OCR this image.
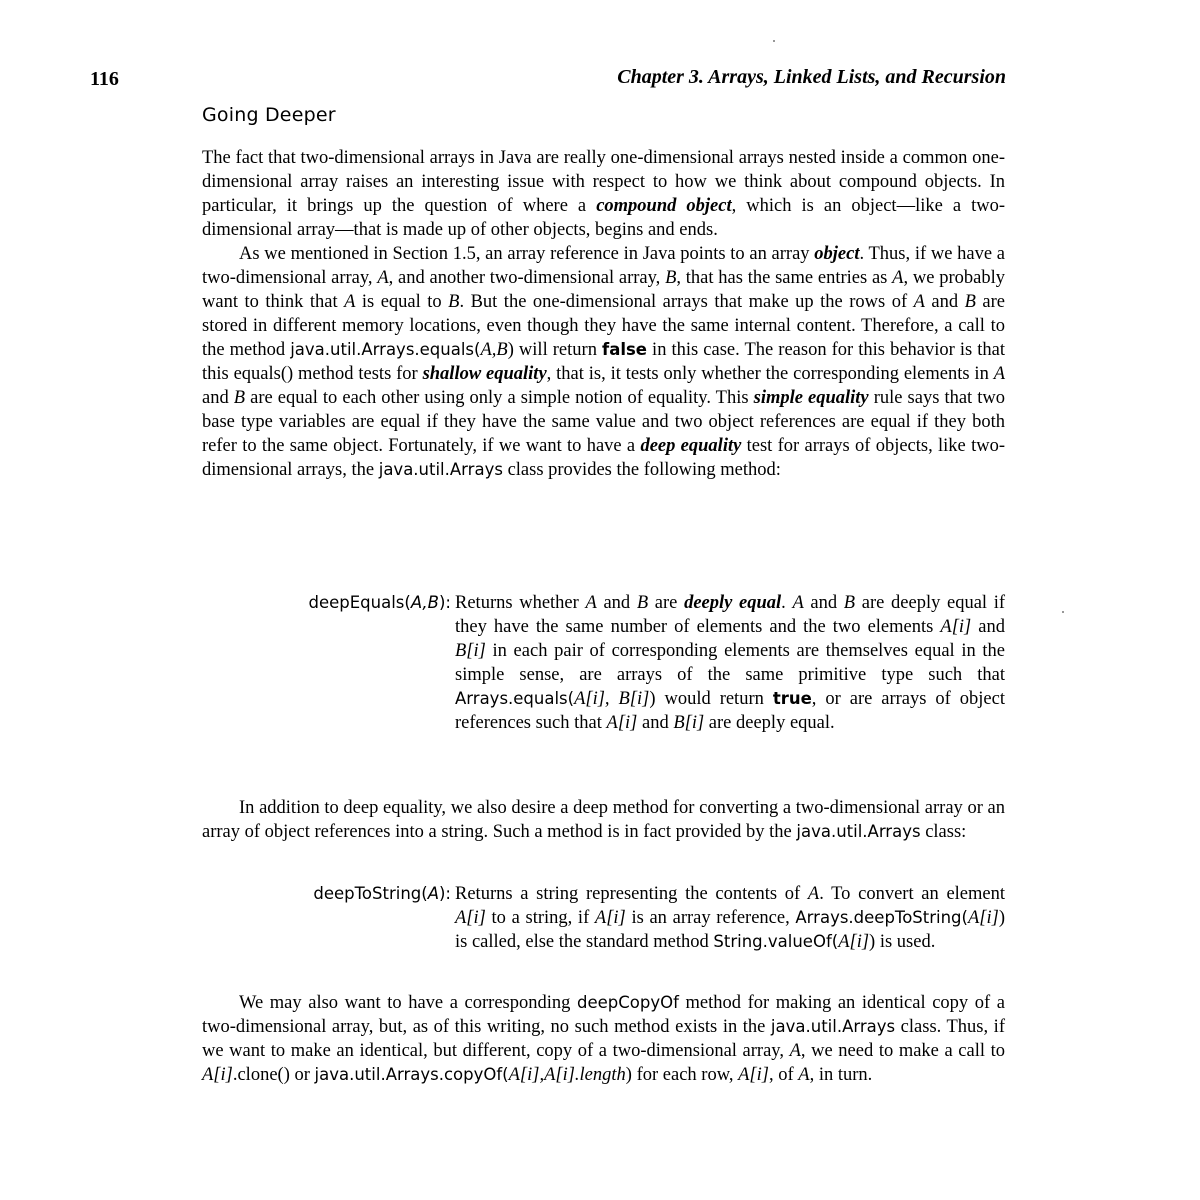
116	Chapter 3. Arrays, Linked Lists, and Recursion
Going Deeper

The fact that two-dimensional arrays in Java are really one-dimensional arrays nested inside a common one-dimensional array raises an interesting issue with respect to how we think about compound objects. In particular, it brings up the question of where a compound object, which is an object—like a two-dimensional array—that is made up of other objects, begins and ends.

As we mentioned in Section 1.5, an array reference in Java points to an array object. Thus, if we have a two-dimensional array, A, and another two-dimensional array, B, that has the same entries as A, we probably want to think that A is equal to B. But the one-dimensional arrays that make up the rows of A and B are stored in different memory locations, even though they have the same internal content. Therefore, a call to the method java.util.Arrays.equals(A,B) will return false in this case. The reason for this behavior is that this equals() method tests for shallow equality, that is, it tests only whether the corresponding elements in A and B are equal to each other using only a simple notion of equality. This simple equality rule says that two base type variables are equal if they have the same value and two object references are equal if they both refer to the same object. Fortunately, if we want to have a deep equality test for arrays of objects, like two-dimensional arrays, the java.util.Arrays class provides the following method:

deepEquals(A,B): Returns whether A and B are deeply equal. A and B are deeply equal if they have the same number of elements and the two elements A[i] and B[i] in each pair of corresponding elements are themselves equal in the simple sense, are arrays of the same primitive type such that Arrays.equals(A[i], B[i]) would return true, or are arrays of object references such that A[i] and B[i] are deeply equal.

In addition to deep equality, we also desire a deep method for converting a two-dimensional array or an array of object references into a string. Such a method is in fact provided by the java.util.Arrays class:

deepToString(A): Returns a string representing the contents of A. To convert an element A[i] to a string, if A[i] is an array reference, Arrays.deepToString(A[i]) is called, else the standard method String.valueOf(A[i]) is used.

We may also want to have a corresponding deepCopyOf method for making an identical copy of a two-dimensional array, but, as of this writing, no such method exists in the java.util.Arrays class. Thus, if we want to make an identical, but different, copy of a two-dimensional array, A, we need to make a call to A[i].clone() or java.util.Arrays.copyOf(A[i],A[i].length) for each row, A[i], of A, in turn.
